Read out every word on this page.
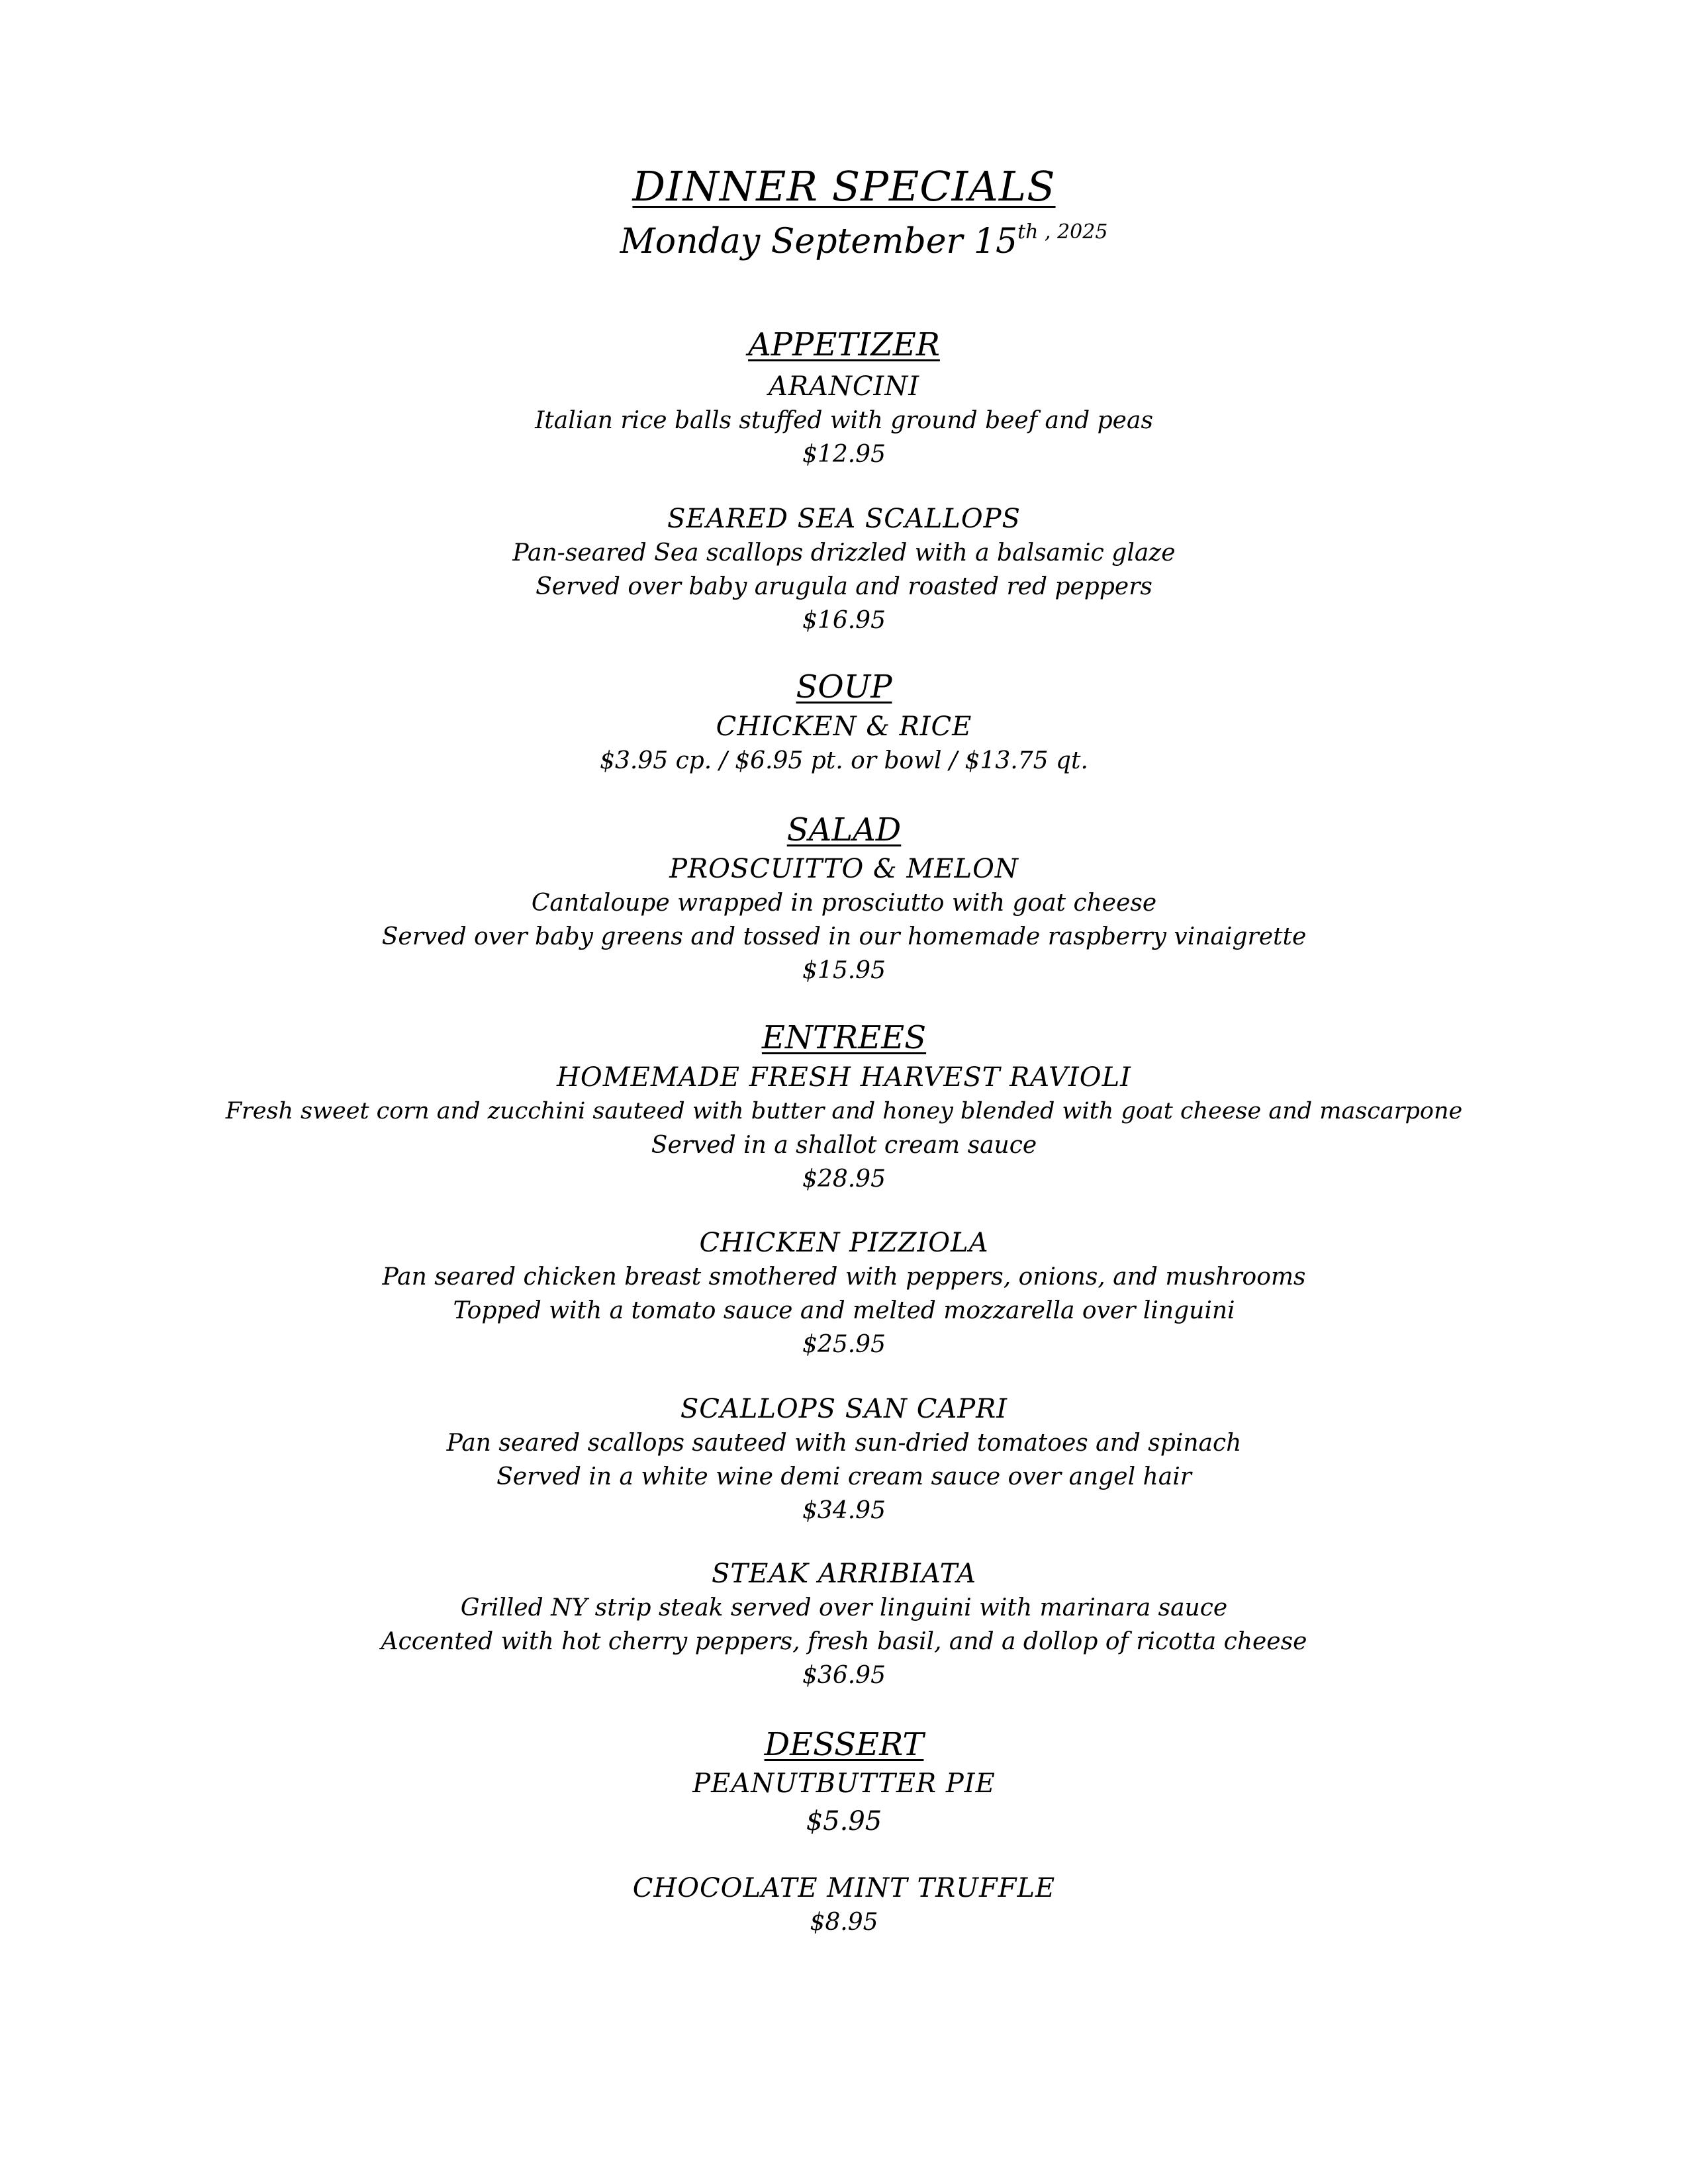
DINNER SPECIALS
Monday September 15th $^{, 2025}$
APPETIZER
ARANCINI
Italian rice balls stuffed with ground beef and peas
$12.95
SEARED SEA SCALLOPS
Pan-seared Sea scallops drizzled with a balsamic glaze
Served over baby arugula and roasted red peppers
$16.95
SOUP
CHICKEN & RICE
$3.95 cp. / $6.95 pt. or bowl / $13.75 qt.
SALAD
PROSCUITTO & MELON
Cantaloupe wrapped in prosciutto with goat cheese
Served over baby greens and tossed in our homemade raspberry vinaigrette
$15.95
ENTREES
HOMEMADE FRESH HARVEST RAVIOLI
Fresh sweet corn and zucchini sauteed with butter and honey blended with goat cheese and mascarpone
Served in a shallot cream sauce
$28.95
CHICKEN PIZZIOLA
Pan seared chicken breast smothered with peppers, onions, and mushrooms
Topped with a tomato sauce and melted mozzarella over linguini
$25.95
SCALLOPS SAN CAPRI
Pan seared scallops sauteed with sun-dried tomatoes and spinach
Served in a white wine demi cream sauce over angel hair
$34.95
STEAK ARRIBIATA
Grilled NY strip steak served over linguini with marinara sauce
Accented with hot cherry peppers, fresh basil, and a dollop of ricotta cheese
$36.95
DESSERT
PEANUTBUTTER PIE
$5.95
CHOCOLATE MINT TRUFFLE
$8.95
